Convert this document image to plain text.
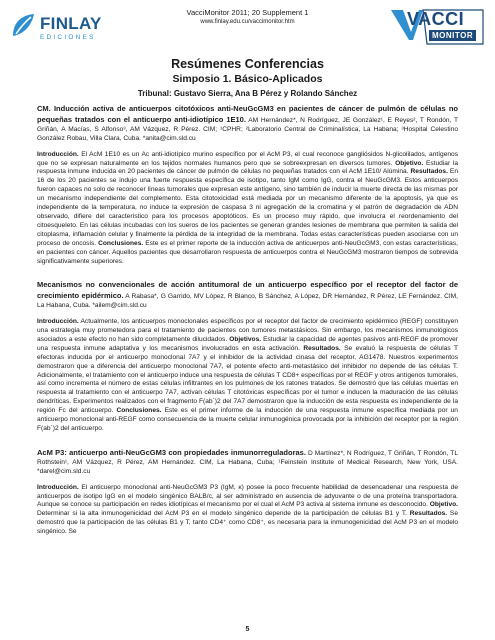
FINLAY
EDICIONES
VacciMonitor 2011; 20 Supplement 1
www.finlay.edu.cu/vaccimonitor.htm	VACCI
MONITOR
Resúmenes Conferencias
Simposio 1. Básico-Aplicados
Tribunal: Gustavo Sierra, Ana B Pérez y Rolando Sánchez

CM. Inducción activa de anticuerpos citotóxicos anti-NeuGcGM3 en pacientes de cáncer de pulmón de células no pequeñas tratados con el anticuerpo anti-idiotípico 1E10. AM Hernández*, N Rodríguez, JE González¹, E Reyes², T Rondón, T Griñán, A Macías, S Alfonso³, AM Vázquez, R Pérez. CIM; ¹CPHR; ²Laboratorio Central de Criminalística, La Habana; ³Hospital Celestino González Robau, Villa Clara, Cuba. *anita@cim.sld.cu

Introducción. El AcM 1E10 es un Ac anti-idiotípico murino específico por el AcM P3, el cual reconoce gangliósidos N-glicolilados, antígenos que no se expresan naturalmente en los tejidos normales humanos pero que se sobreexpresan en diversos tumores. Objetivo. Estudiar la respuesta inmune inducida en 20 pacientes de cáncer de pulmón de células no pequeñas tratados con el AcM 1E10/ Alúmina. Resultados. En 16 de los 20 pacientes se indujo una fuerte respuesta específica de isotipo, tanto IgM como IgG, contra el NeuGcGM3. Estos anticuerpos fueron capaces no solo de reconocer líneas tumorales que expresan este antígeno, sino también de inducir la muerte directa de las mismas por un mecanismo independiente del complemento. Esta citotoxicidad está mediada por un mecanismo diferente de la apoptosis, ya que es independiente de la temperatura, no induce la expresión de caspasa 3 ni agregación de la cromatina y el patrón de degradación de ADN observado, difiere del característico para los procesos apoptóticos. Es un proceso muy rápido, que involucra el reordenamiento del citoesqueleto. En las células incubadas con los sueros de los pacientes se generan grandes lesiones de membrana que permiten la salida del citoplasma, inflamación celular y finalmente la pérdida de la integridad de la membrana. Todas estas características pueden asociarse con un proceso de oncosis. Conclusiones. Este es el primer reporte de la inducción activa de anticuerpos anti-NeuGcGM3, con estas características, en pacientes con cáncer. Aquellos pacientes que desarrollaron respuesta de anticuerpos contra el NeuGcGM3 mostraron tiempos de sobrevida significativamente superiores.

Mecanismos no convencionales de acción antitumoral de un anticuerpo específico por el receptor del factor de crecimiento epidérmico. A Rabasa*, G Garrido, MV López, R Blanco, B Sánchez, A López, DR Hernández, R Pérez, LE Fernández. CIM, La Habana, Cuba. *ailem@cim.sld.cu

Introducción. Actualmente, los anticuerpos monoclonales específicos por el receptor del factor de crecimiento epidérmico (REGF) constituyen una estrategia muy prometedora para el tratamiento de pacientes con tumores metastásicos. Sin embargo, los mecanismos inmunológicos asociados a este efecto no han sido completamente dilucidados. Objetivos. Estudiar la capacidad de agentes pasivos anti-REGF de promover una respuesta inmune adaptativa y los mecanismos involucrados en esta activación. Resultados. Se evaluó la respuesta de células T efectoras inducida por el anticuerpo monoclonal 7A7 y el inhibidor de la actividad cinasa del receptor, AG1478. Nuestros experimentos demostraron que a diferencia del anticuerpo monoclonal 7A7, el potente efecto anti-metastásico del inhibidor no depende de las células T. Adicionalmente, el tratamiento con el anticuerpo induce una respuesta de células T CD8+ específicas por el REGF y otros antígenos tumorales, así como incrementa el número de estas células infiltrantes en los pulmones de los ratones tratados. Se demostró que las células muertas en respuesta al tratamiento con el anticuerpo 7A7, activan células T citotóxicas específicas por el tumor e inducen la maduración de las células dendríticas. Experimentos realizados con el fragmento F(ab´)2 del 7A7 demostraron que la inducción de esta respuesta es independiente de la región Fc del anticuerpo. Conclusiones. Este es el primer informe de la inducción de una respuesta inmune específica mediada por un anticuerpo monoclonal anti-REGF como consecuencia de la muerte celular inmunogénica provocada por la inhibición del receptor por la región F(ab´)2 del anticuerpo.

AcM P3: anticuerpo anti-NeuGcGM3 con propiedades inmunorreguladoras. D Martínez*, N Rodríguez, T Griñán, T Rondón, TL Rothstein¹, AM Vázquez, R Pérez, AM Hernández. CIM, La Habana, Cuba; ¹Feinstein Institute of Medical Research, New York, USA. *darel@cim.sld.cu

Introducción. El anticuerpo monoclonal anti-NeuGcGM3 P3 (IgM, κ) posee la poco frecuente habilidad de desencadenar una respuesta de anticuerpos de isotipo IgG en el modelo singénico BALB/c, al ser administrado en ausencia de adyuvante o de una proteína transportadora. Aunque se conoce su participación en redes idiotípicas el mecanismo por el cual el AcM P3 activa al sistema inmune es desconocido. Objetivo. Determinar si la alta inmunogenicidad del AcM P3 en el modelo singénico depende de la participación de células B1 y T. Resultados. Se demostró que la participación de las células B1 y T, tanto CD4⁺ como CD8⁺, es necesaria para la inmunogenicidad del AcM P3 en el modelo singénico. Se

5
